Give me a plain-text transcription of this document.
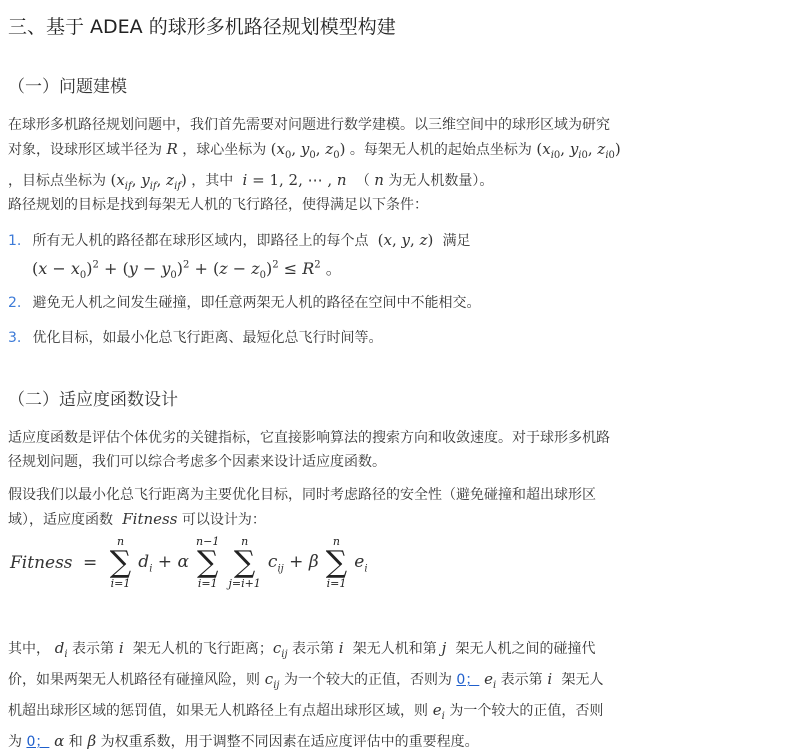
三、基于 ADEA 的球形多机路径规划模型构建
（一）问题建模
在球形多机路径规划问题中，我们首先需要对问题进行数学建模。以三维空间中的球形区域为研究
对象，设球形区域半径为 R ，球心坐标为 ($x_0$, $y_0$, $z_0$) 。每架无人机的起始点坐标为 ($x_{i0}$, $y_{i0}$, $z_{i0}$)
，目标点坐标为 ($x_{if}$, $y_{if}$, $z_{if}$) ，其中 i = 1, 2, ⋯ , n （ n 为无人机数量）。
路径规划的目标是找到每架无人机的飞行路径，使得满足以下条件：
1. 所有无人机的路径都在球形区域内，即路径上的每个点  (x, y, z)  满足
$(x - x_0)^2 + (y - y_0)^2 + (z - z_0)^2 \le R^2$ 。
2. 避免无人机之间发生碰撞，即任意两架无人机的路径在空间中不能相交。
3. 优化目标，如最小化总飞行距离、最短化总飞行时间等。
（二）适应度函数设计
适应度函数是评估个体优劣的关键指标，它直接影响算法的搜索方向和收敛速度。对于球形多机路
径规划问题，我们可以综合考虑多个因素来设计适应度函数。
假设我们以最小化总飞行距离为主要优化目标，同时考虑路径的安全性（避免碰撞和超出球形区
域），适应度函数 Fitness 可以设计为：
Fitness  =
n
∑
i=1
$d_i + \alpha$
n−1
∑
i=1

n
∑
j=i+1
$c_{ij} + \beta$
n
∑
i=1
$e_i$
其中， $d_i$ 表示第 i  架无人机的飞行距离；$c_{ij}$ 表示第 i  架无人机和第 j  架无人机之间的碰撞代
价，如果两架无人机路径有碰撞风险，则 $c_{ij}$ 为一个较大的正值，否则为 0； $e_i$ 表示第 i  架无人
机超出球形区域的惩罚值，如果无人机路径上有点超出球形区域，则 $e_i$ 为一个较大的正值，否则
为 0； α 和 β 为权重系数，用于调整不同因素在适应度评估中的重要程度。
